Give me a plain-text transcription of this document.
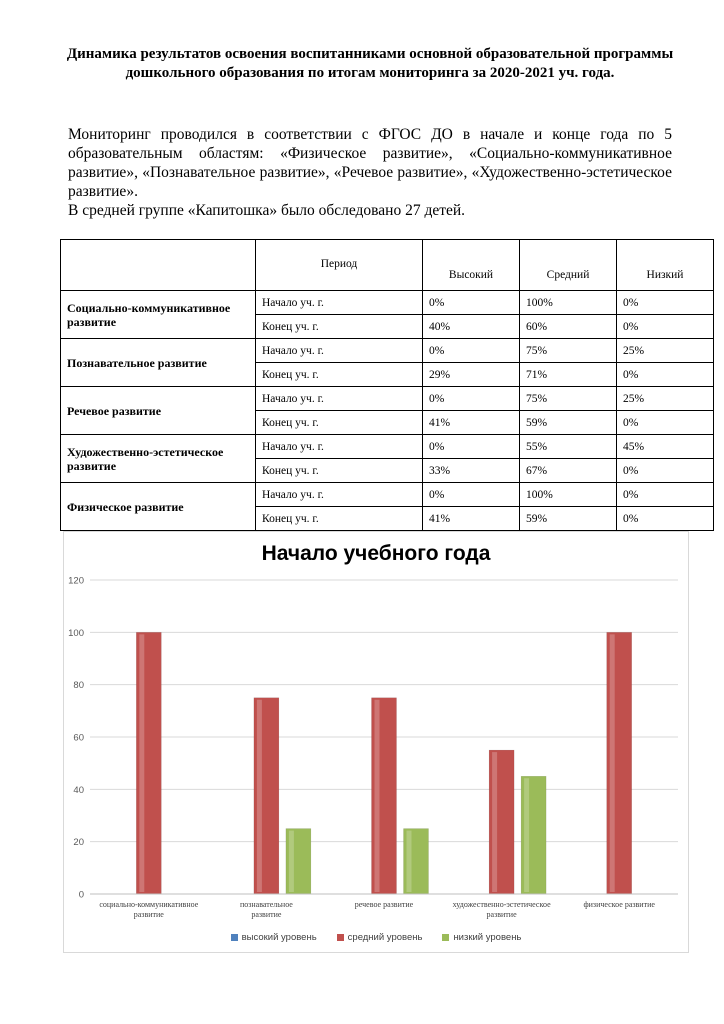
Динамика результатов освоения воспитанниками основной образовательной программы дошкольного образования по итогам мониторинга за 2020-2021 уч. года.

Мониторинг проводился в соответствии с ФГОС ДО в начале и конце года по 5 образовательным областям: «Физическое развитие», «Социально-коммуникативное развитие», «Познавательное развитие», «Речевое развитие», «Художественно-эстетическое развитие».

В средней группе «Капитошка» было обследовано 27 детей.

	Период	Высокий	Средний	Низкий
Социально-коммуникативное развитие	Начало уч. г.	0%	100%	0%
	Конец уч. г.	40%	60%	0%
Познавательное развитие	Начало уч. г.	0%	75%	25%
	Конец уч. г.	29%	71%	0%
Речевое развитие	Начало уч. г.	0%	75%	25%
	Конец уч. г.	41%	59%	0%
Художественно-эстетическое развитие	Начало уч. г.	0%	55%	45%
	Конец уч. г.	33%	67%	0%
Физическое развитие	Начало уч. г.	0%	100%	0%
	Конец уч. г.	41%	59%	0%
Начало учебного года
0
20
40
60
80
100
120
социально-коммуникативное развитие
познавательное развитие
речевое развитие	художественно-эстетическое развитие
физическое развитие
высокий уровень	средний уровень	низкий уровень
